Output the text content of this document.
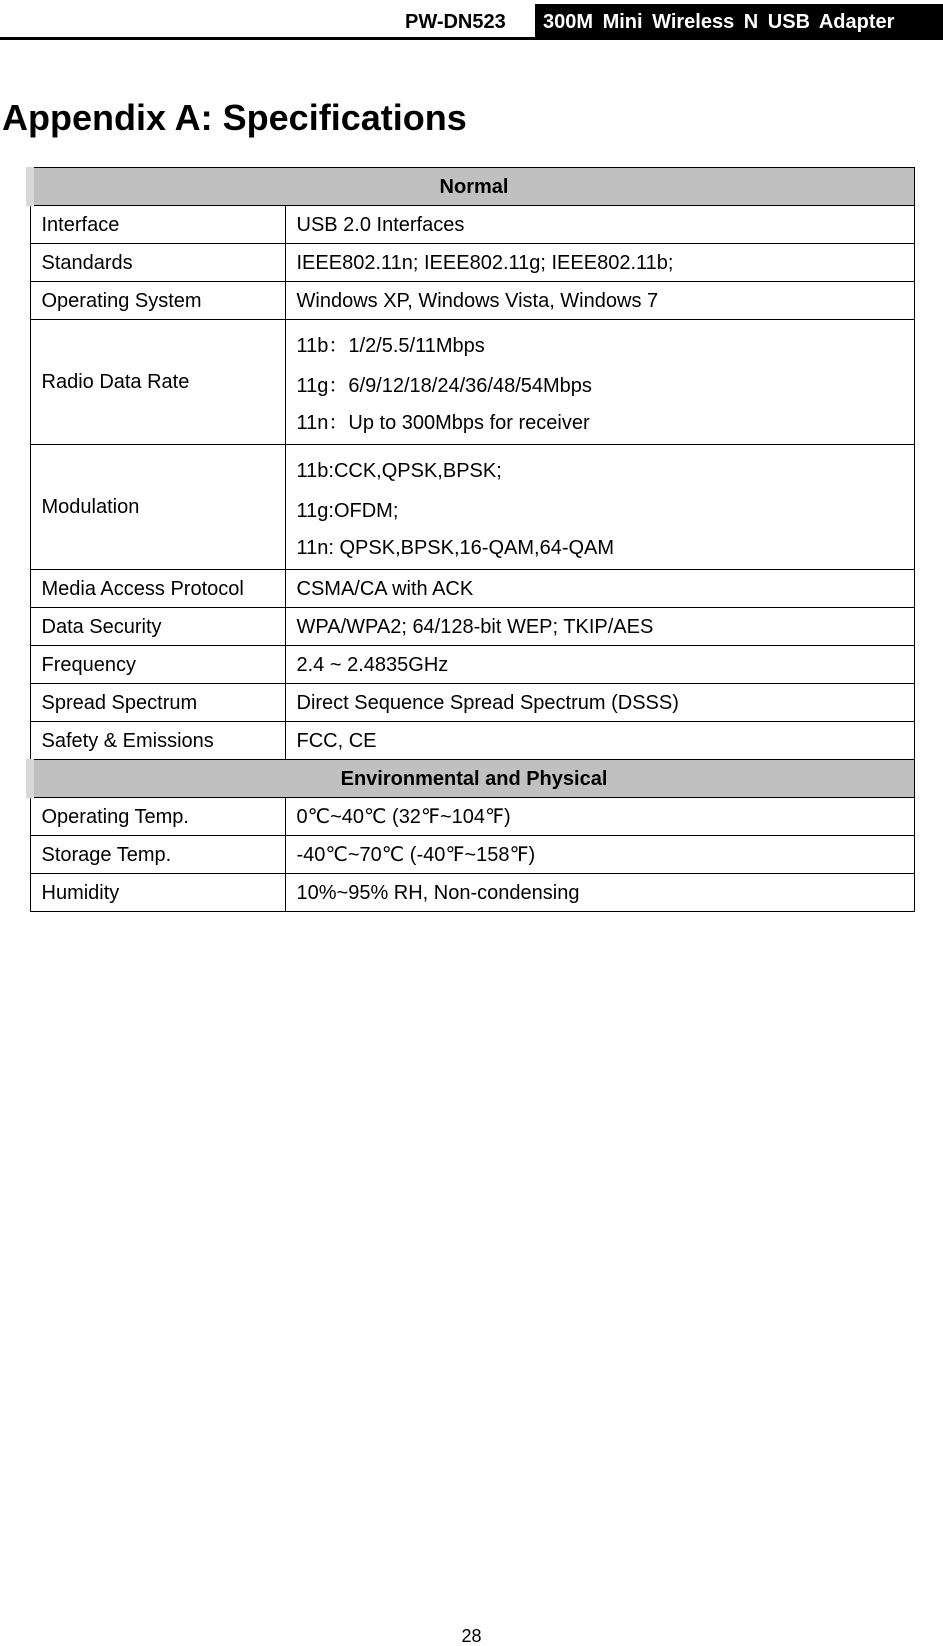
PW-DN523	300M Mini Wireless N USB Adapter
Appendix A: Specifications
Normal	
Interface	USB 2.0 Interfaces
Standards	IEEE802.11n; IEEE802.11g; IEEE802.11b;
Operating System	Windows XP, Windows Vista, Windows 7
Radio Data Rate	11b：1/2/5.5/11Mbps
11g：6/9/12/18/24/36/48/54Mbps
11n：Up to 300Mbps for receiver

Modulation	11b:CCK,QPSK,BPSK;
11g:OFDM;
11n: QPSK,BPSK,16-QAM,64-QAM

Media Access Protocol	CSMA/CA with ACK
Data Security	WPA/WPA2; 64/128-bit WEP; TKIP/AES
Frequency	2.4 ~ 2.4835GHz
Spread Spectrum	Direct Sequence Spread Spectrum (DSSS)
Safety & Emissions	FCC, CE
Environmental and Physical	
Operating Temp.	0℃~40℃ (32℉~104℉)
Storage Temp.	-40℃~70℃ (-40℉~158℉)
Humidity	10%~95% RH, Non-condensing
28
